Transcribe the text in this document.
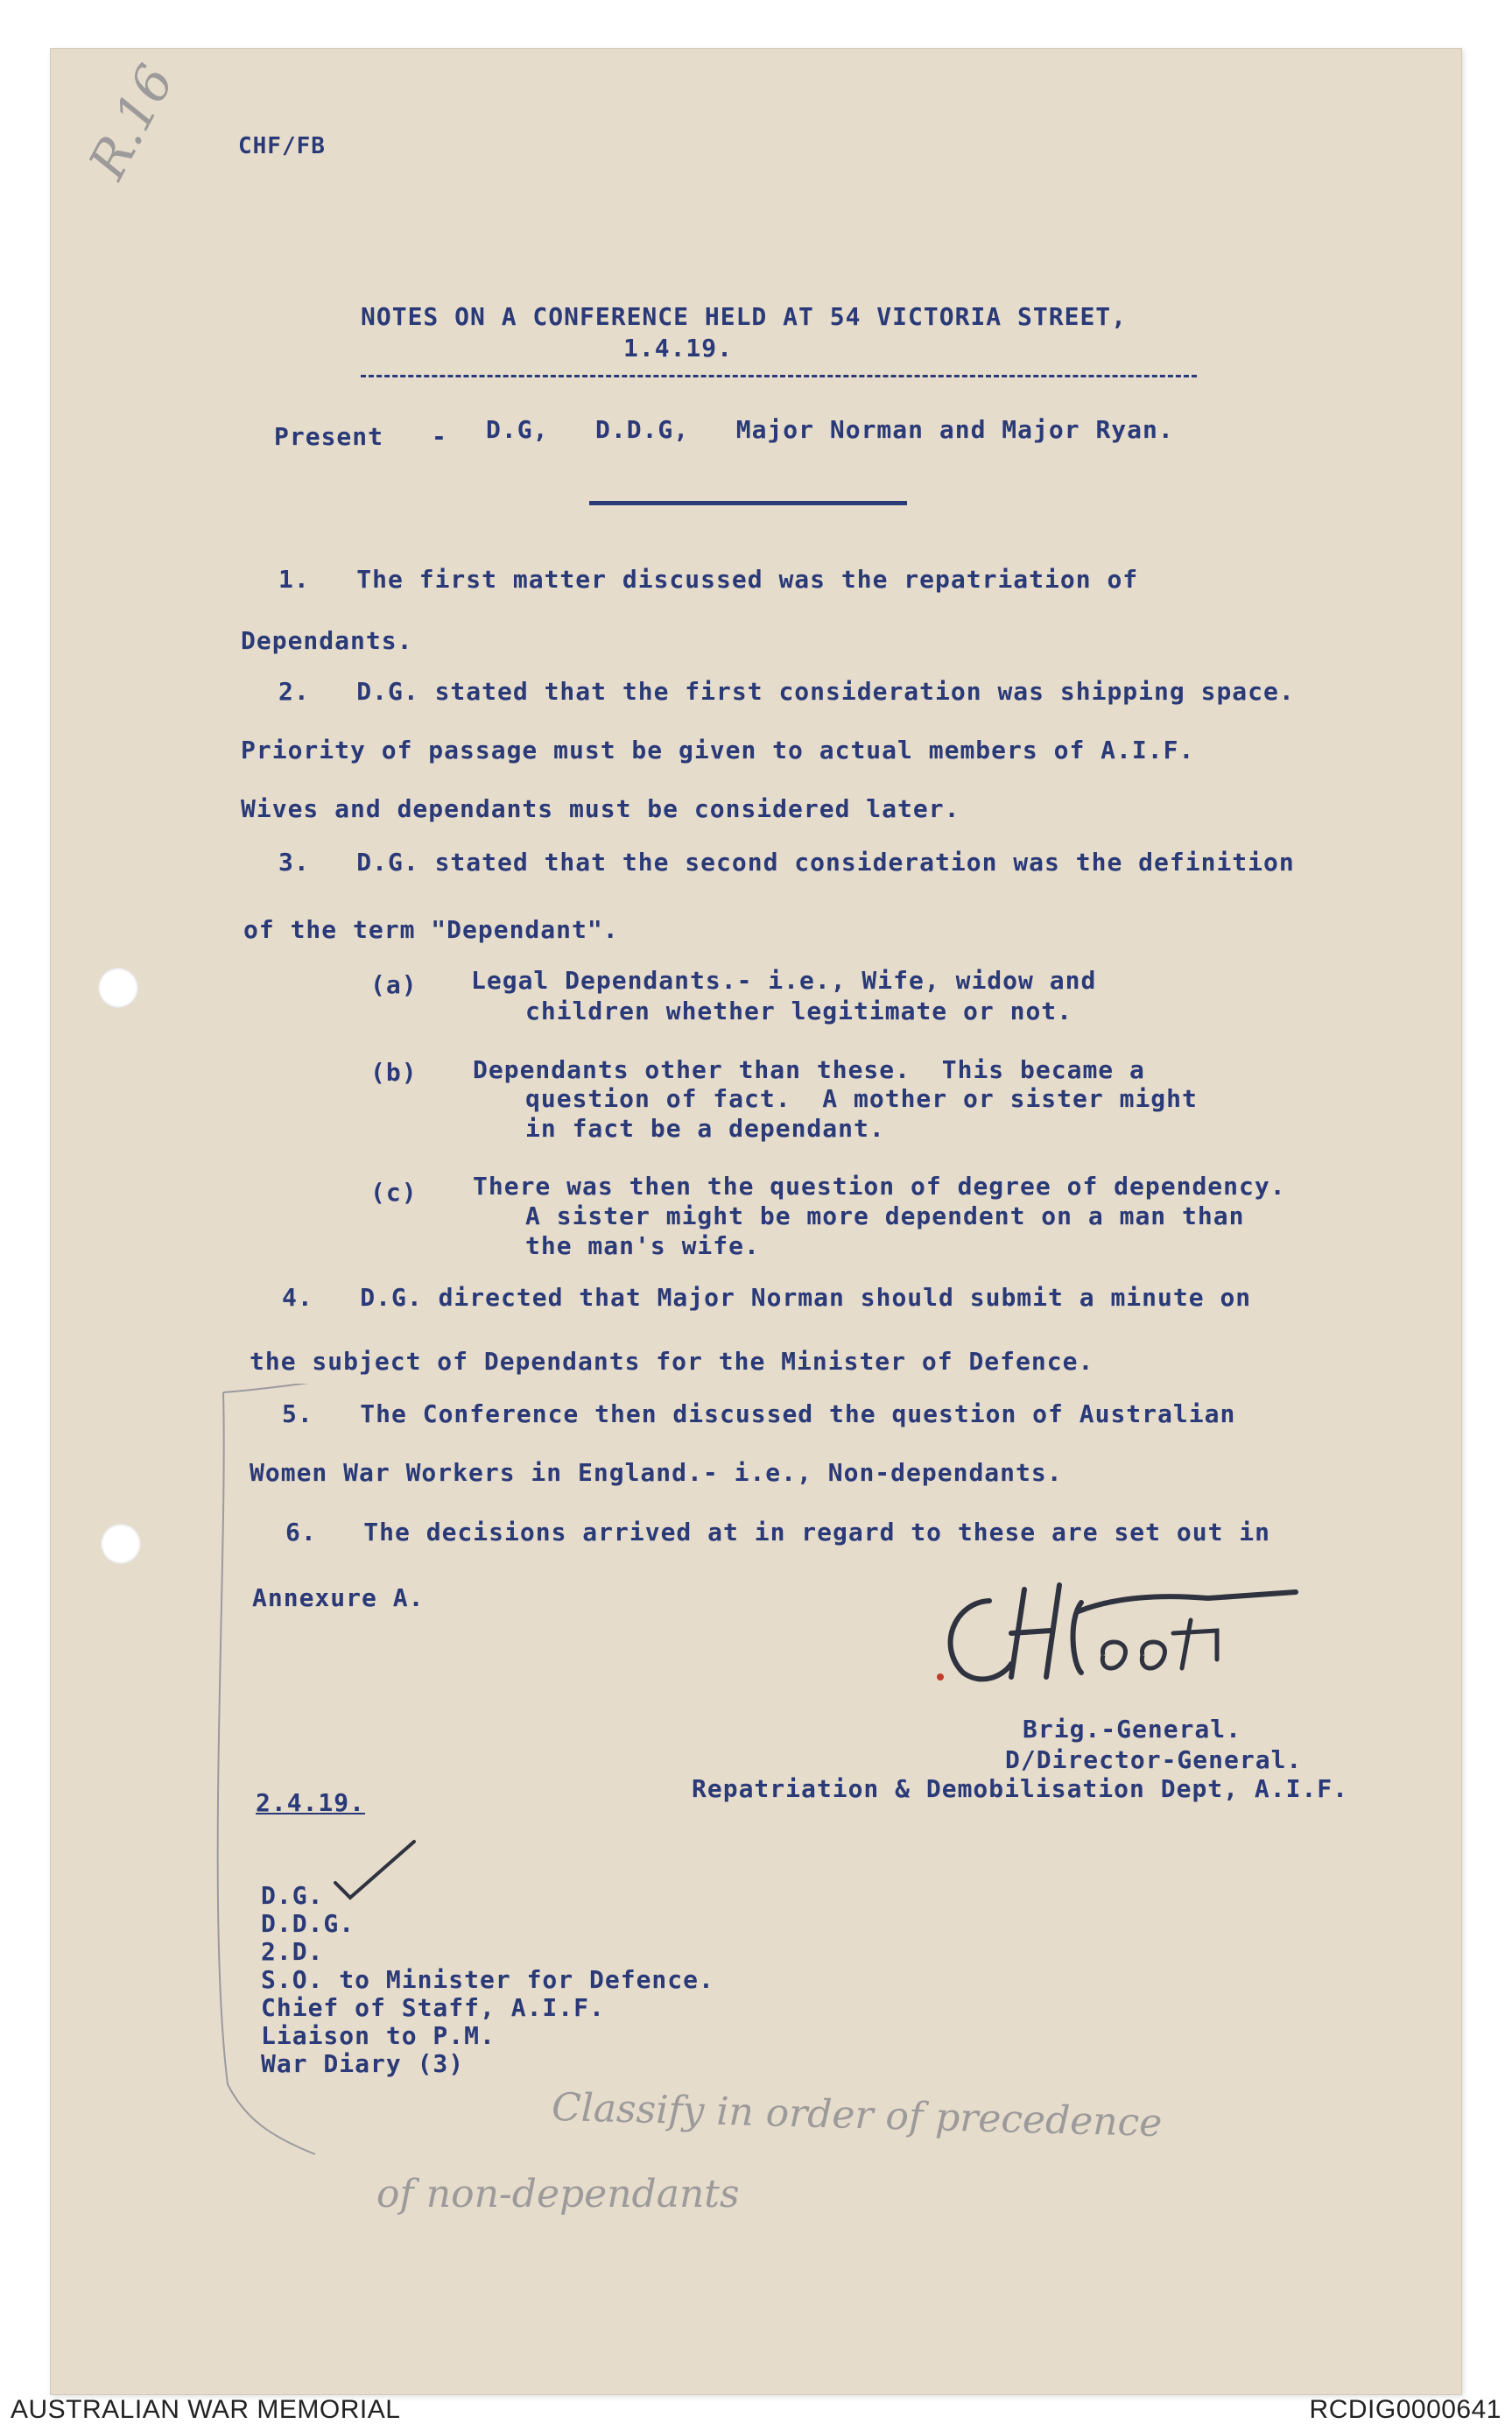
R.16 CHF/FB
NOTES ON A CONFERENCE HELD AT 54 VICTORIA STREET,
1.4.19.
Present - D.G,   D.D.G,   Major Norman and Major Ryan.
1.   The first matter discussed was the repatriation of
Dependants.
2.   D.G. stated that the first consideration was shipping space.
Priority of passage must be given to actual members of A.I.F.
Wives and dependants must be considered later.
3.   D.G. stated that the second consideration was the definition
of the term "Dependant".
(a) Legal Dependants.- i.e., Wife, widow and
children whether legitimate or not.
(b) Dependants other than these.  This became a
question of fact.  A mother or sister might
in fact be a dependant.
(c) There was then the question of degree of dependency.
A sister might be more dependent on a man than
the man's wife.
4.   D.G. directed that Major Norman should submit a minute on
the subject of Dependants for the Minister of Defence.
5.   The Conference then discussed the question of Australian
Women War Workers in England.- i.e., Non-dependants.
6.   The decisions arrived at in regard to these are set out in
Annexure A.
Brig.-General.
D/Director-General.
Repatriation & Demobilisation Dept, A.I.F.
2.4.19.
D.G.
D.D.G.
2.D.
S.O. to Minister for Defence.
Chief of Staff, A.I.F.
Liaison to P.M.
War Diary (3)
Classify in order of precedence
of non-dependants
AUSTRALIAN WAR MEMORIAL	RCDIG0000641
